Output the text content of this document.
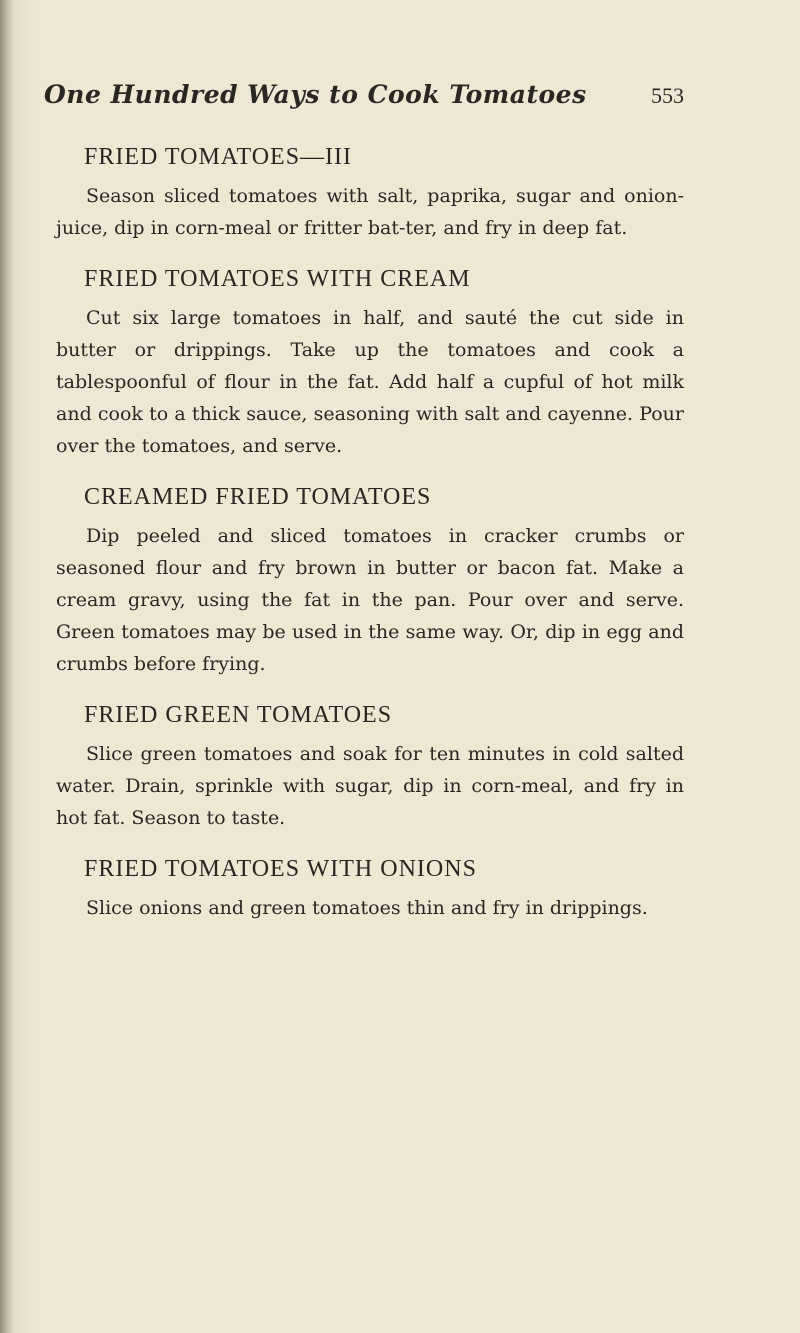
One Hundred Ways to Cook Tomatoes	553
FRIED TOMATOES—III

Season sliced tomatoes with salt, paprika, sugar and onion-juice, dip in corn-meal or fritter bat-ter, and fry in deep fat.

FRIED TOMATOES WITH CREAM

Cut six large tomatoes in half, and sauté the cut side in butter or drippings. Take up the tomatoes and cook a tablespoonful of flour in the fat. Add half a cupful of hot milk and cook to a thick sauce, seasoning with salt and cayenne. Pour over the tomatoes, and serve.

CREAMED FRIED TOMATOES

Dip peeled and sliced tomatoes in cracker crumbs or seasoned flour and fry brown in butter or bacon fat. Make a cream gravy, using the fat in the pan. Pour over and serve. Green tomatoes may be used in the same way. Or, dip in egg and crumbs before frying.

FRIED GREEN TOMATOES

Slice green tomatoes and soak for ten minutes in cold salted water. Drain, sprinkle with sugar, dip in corn-meal, and fry in hot fat. Season to taste.

FRIED TOMATOES WITH ONIONS

Slice onions and green tomatoes thin and fry in drippings.
